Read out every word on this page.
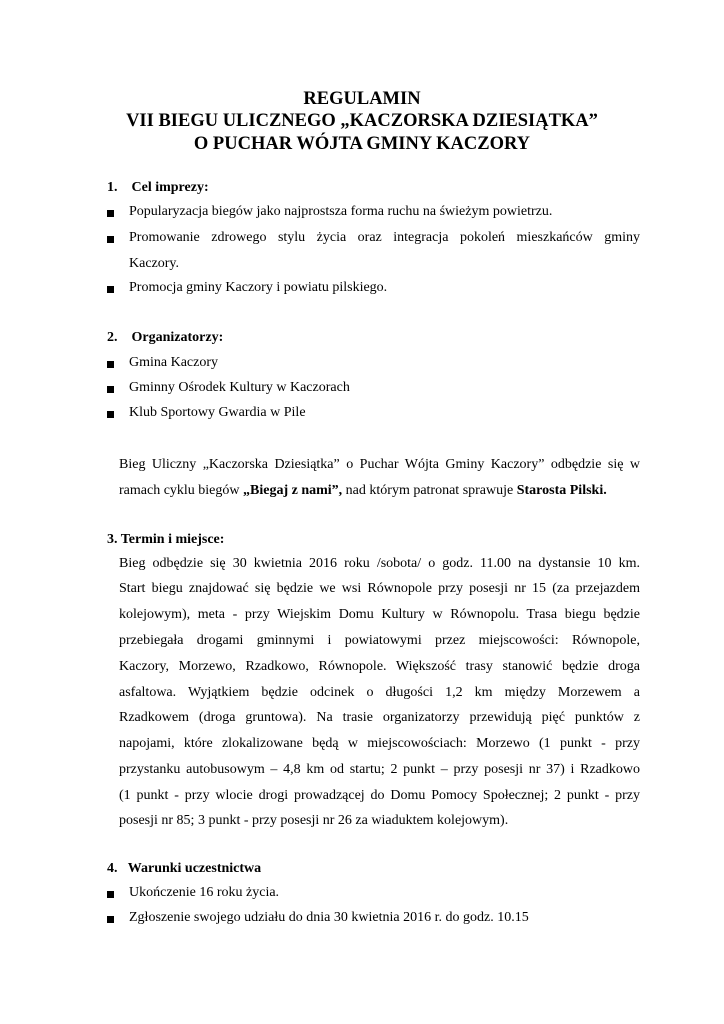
REGULAMIN
VII BIEGU ULICZNEGO „KACZORSKA DZIESIĄTKA”
O PUCHAR WÓJTA GMINY KACZORY
1.    Cel imprezy:
Popularyzacja biegów jako najprostsza forma ruchu na świeżym powietrzu.
Promowanie zdrowego stylu życia oraz integracja pokoleń mieszkańców gminy
Kaczory.
Promocja gminy Kaczory i powiatu pilskiego.
2.    Organizatorzy:
Gmina Kaczory
Gminny Ośrodek Kultury w Kaczorach
Klub Sportowy Gwardia w Pile
Bieg Uliczny „Kaczorska Dziesiątka” o Puchar Wójta Gminy Kaczory” odbędzie się w
ramach cyklu biegów „Biegaj z nami”, nad którym patronat sprawuje Starosta Pilski.
3. Termin i miejsce:
Bieg odbędzie się 30 kwietnia 2016 roku /sobota/ o godz. 11.00 na dystansie 10 km.
Start biegu znajdować się będzie we wsi Równopole przy posesji nr 15 (za przejazdem
kolejowym), meta - przy Wiejskim Domu Kultury w Równopolu. Trasa biegu będzie
przebiegała drogami gminnymi i powiatowymi przez miejscowości: Równopole,
Kaczory, Morzewo, Rzadkowo, Równopole. Większość trasy stanowić będzie droga
asfaltowa. Wyjątkiem będzie odcinek o długości 1,2 km między Morzewem a
Rzadkowem (droga gruntowa). Na trasie organizatorzy przewidują pięć punktów z
napojami, które zlokalizowane będą w miejscowościach: Morzewo (1 punkt - przy
przystanku autobusowym – 4,8 km od startu; 2 punkt – przy posesji nr 37) i Rzadkowo
(1 punkt - przy wlocie drogi prowadzącej do Domu Pomocy Społecznej; 2 punkt - przy
posesji nr 85; 3 punkt - przy posesji nr 26 za wiaduktem kolejowym).
4.   Warunki uczestnictwa
Ukończenie 16 roku życia.
Zgłoszenie swojego udziału do dnia 30 kwietnia 2016 r. do godz. 10.15
